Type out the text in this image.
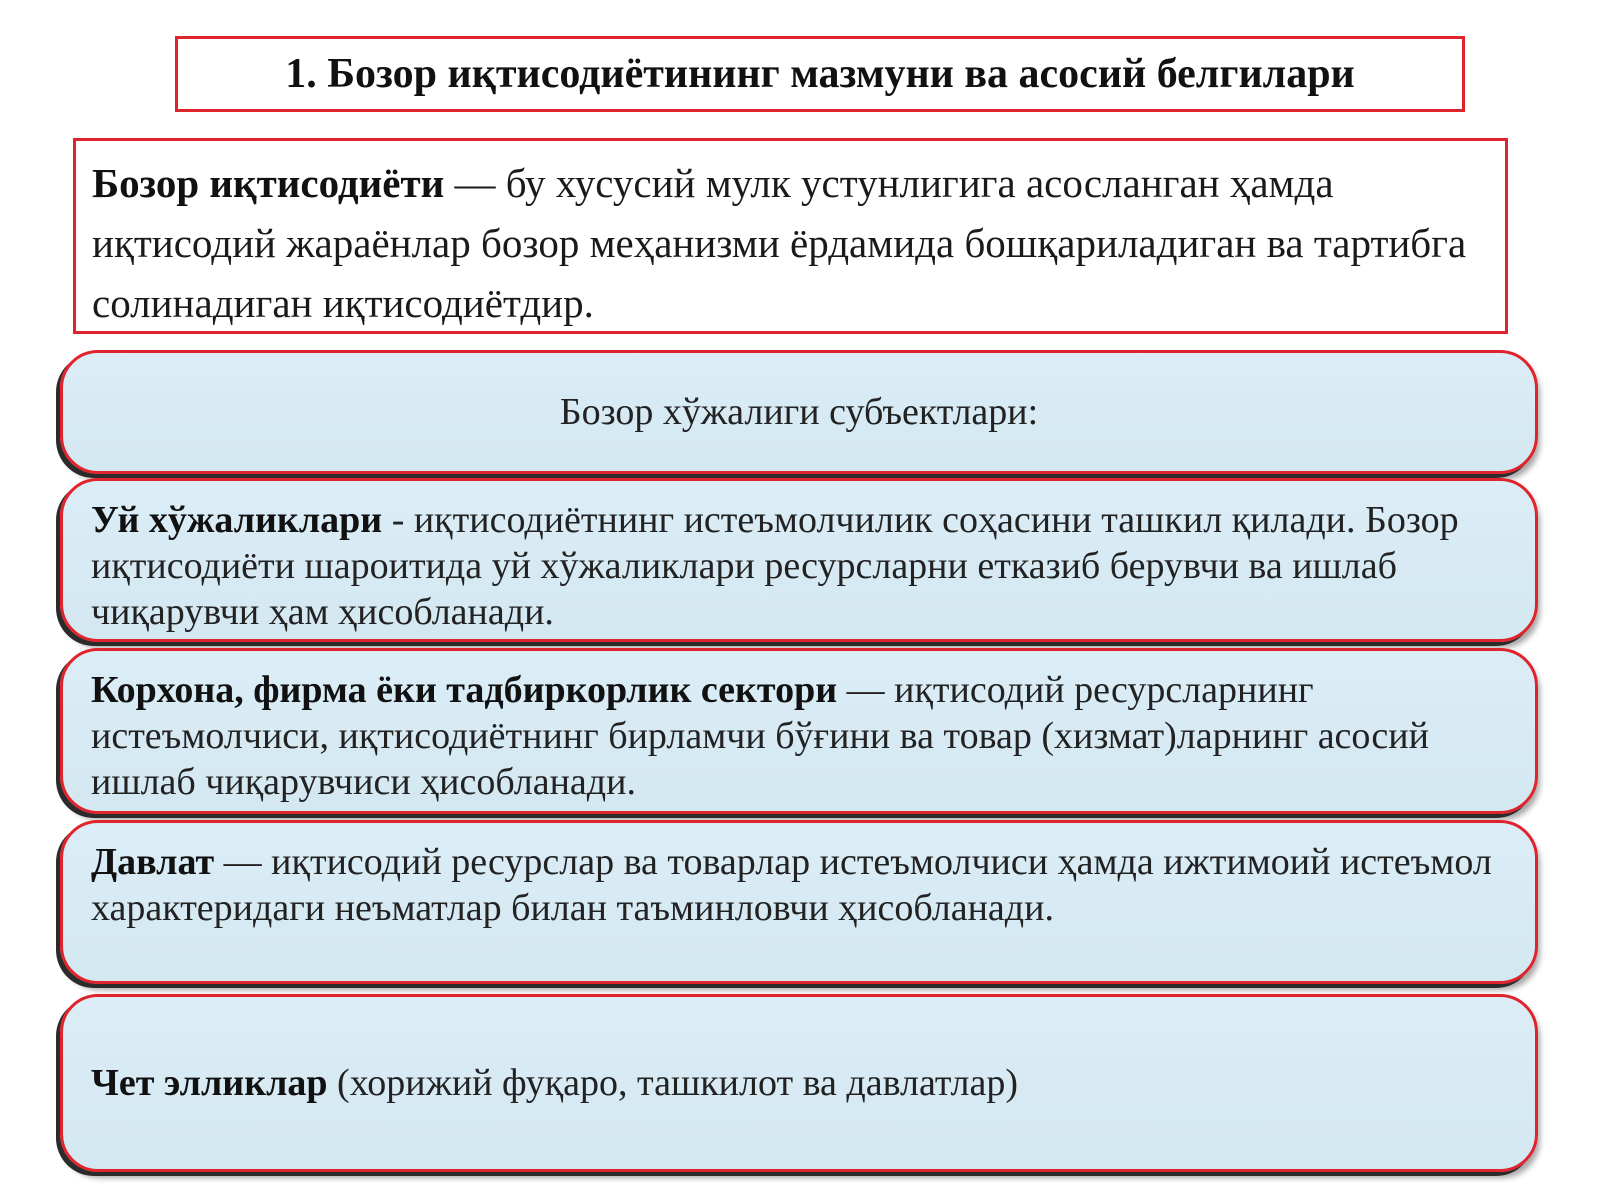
1. Бозор иқтисодиётининг мазмуни ва асосий белгилари
Бозор иқтисодиёти — бу хусусий мулк устунлигига асосланган ҳамда иқтисодий жараёнлар бозор меҳанизми ёрдамида бошқариладиган ва тартибга солинадиган иқтисодиётдир.
Бозор хўжалиги субъектлари:
Уй хўжаликлари - иқтисодиётнинг истеъмолчилик соҳасини ташкил қилади. Бозор иқтисодиёти шароитида уй хўжаликлари ресурсларни етказиб берувчи ва ишлаб чиқарувчи ҳам ҳисобланади.
Корхона, фирма ёки тадбиркорлик сектори — иқтисодий ресурсларнинг истеъмолчиси, иқтисодиётнинг бирламчи бўғини ва товар (хизмат)ларнинг асосий ишлаб чиқарувчиси ҳисобланади.
Давлат — иқтисодий ресурслар ва товарлар истеъмолчиси ҳамда ижтимоий истеъмол характеридаги неъматлар билан таъминловчи ҳисобланади.
Чет элликлар (хорижий фуқаро, ташкилот ва давлатлар)
